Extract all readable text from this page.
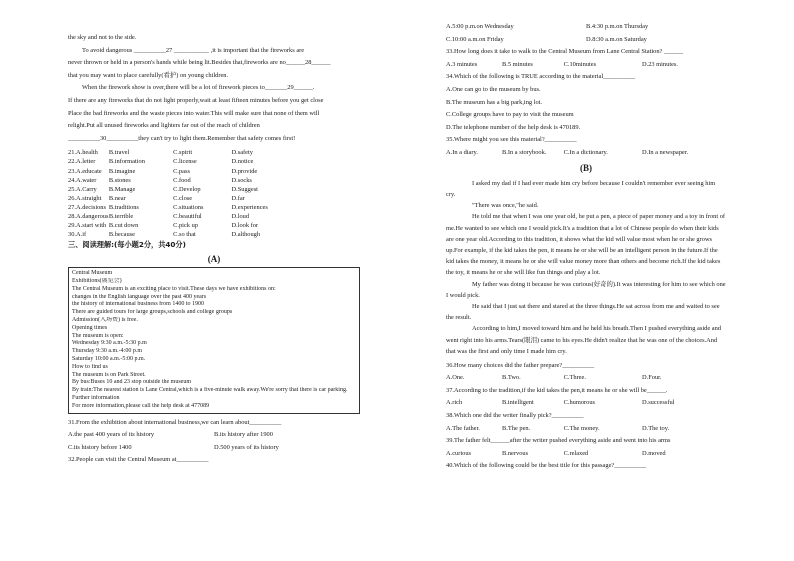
the sky and not to the side.
To avoid dangerous __________27 ___________ ,it is important that the fireworks are
never thrown or held in a person's hands while being lit.Besides that,fireworks are no______28______
that you may want to place carefully(看护) on young children.
When the firework show is over,there will be a lot of firework pieces to_______29______.
If there are any fireworks that do not light properly,wait at least fifteen minutes before you get close
Place the bad fireworks and the waste pieces into water.This will make sure that none of them will
relight.Put all unused fireworks and lighters far out of the reach of children
__________30__________they can't try to light them.Remember that safety comes first!
21.A.health	B.travel	C.spirit	D.safety
22.A.letter	B.information	C.license	D.notice
23.A.educate	B.imagine	C.pass	D.provide
24.A.water	B.stones	C.food	D.socks
25.A.Carry	B.Manage	C.Develop	D.Suggest
26.A.straight	B.near	C.close	D.far
27.A.decisions B.traditions	C.situations	D.experiences
28.A.dangerous B.terrible	C.beautiful	D.loud
29.A.start with B.cut down	C.pick up	D.look for
30.A.if	B.because	C.so that	D.although
三、阅读理解:(每小题2分，共40分)
(A)
Central Museum
Exhibitions(展览会)
The Central Museum is an exciting place to visit.These days we have exhibitions on:
changes in the English language over the past 400 years
the history of international business from 1400 to 1900
There are guided tours for large groups,schools and college groups
Admission(入场费) is free.
Opening times
The museum is open:
Wednesday 9:30 a.m.-5:30 p.m
Thursday 9:30 a.m.-4:00 p.m
Saturday 10:00 a.m.-5:00 p.m.
How to find us
The museum is on Park Street.
By bus:Buses 10 and 23 stop outside the museum
By train:The nearest station is Lane Central,which is a five-minute walk away.We're sorry that there is car parking.
Further information
For more information,please call the help desk at 477089
31.From the exhibition about international business,we can learn about__________
A.the past 400 years of its history	B.its history after 1900
C.its history before 1400	D.500 years of its history
32.People can visit the Central Museum at__________
A.5:00 p.m.on Wednesday	B.4:30 p.m.on Thursday
C.10:00 a.m.on Friday	D.8:30 a.m.on Saturday
33.How long does it take to walk to the Central Museum from Lane Central Station? ______
A.3 minutes	B.5 minutes	C.10minutes	D.23 minutes.
34.Which of the following is TRUE according to the material__________
A.One can go to the museum by bus.
B.The museum has a big park,ing lot.
C.College groups have to pay to visit the museum
D.The telephone number of the help desk is 470189.
35.Where might you see this material?__________
A.In a diary.	B.In a storybook.	C.In a dictionary.	D.In a newspaper.
(B)
I asked my dad if I had ever made him cry before because I couldn't remember ever seeing him cry.
"There was once,"he said.
He told me that when I was one year old, he put a pen, a piece of paper money and a toy in front of me.He wanted to see which one I would pick.It's a tradition that a lot of Chinese people do when their kids are one year old.According to this tradition, it shows what the kid will value most when he or she grows up.For example, if the kid takes the pen, it means he or she will be an intelligent person in the future.If the kid takes the money, it means he or she will value money more than others and become rich.If the kid takes the toy, it means he or she will like fun things and play a lot.
My father was doing it because he was curious(好奇的).It was interesting for him to see which one I would pick.
He said that I just sat there and stared at the three things.He sat across from me and waited to see the result.
According to him,I moved toward him and he held his breath.Then I pushed everything aside and went right into his arms.Tears(眼泪) came to his eyes.He didn't realize that he was one of the choices.And that was the first and only time I made him cry.
36.How many choices did the father prepare?__________
A.One.	B.Two.	C.Three.	D.Four.
37.According to the tradition,if the kid takes the pen,it means he or she will be______.
A.rich	B.intelligent	C.humorous	D.successful
38.Which one did the writer finally pick?__________
A.The father.	B.The pen.	C.The money.	D.The toy.
39.The father felt______after the writer pushed everything aside and went into his arms
A.curious	B.nervous	C.relaxed	D.moved
40.Which of the following could be the best title for this passage?__________
